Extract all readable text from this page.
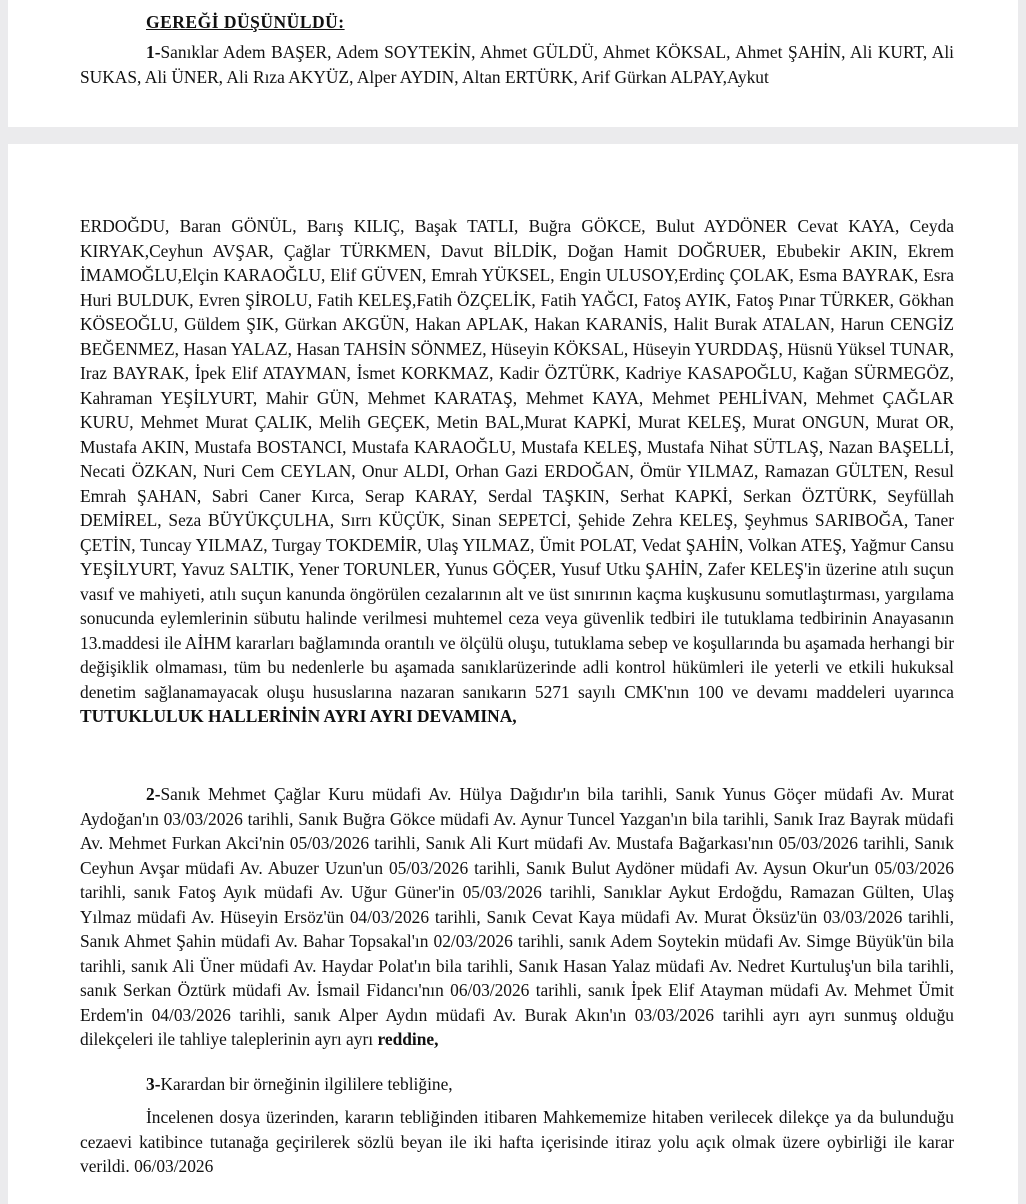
GEREĞİ DÜŞÜNÜLDÜ:

1-Sanıklar Adem BAŞER, Adem SOYTEKİN, Ahmet GÜLDÜ, Ahmet KÖKSAL, Ahmet ŞAHİN, Ali KURT, Ali SUKAS, Ali ÜNER, Ali Rıza AKYÜZ, Alper AYDIN, Altan ERTÜRK, Arif Gürkan ALPAY,Aykut

ERDOĞDU, Baran GÖNÜL, Barış KILIÇ, Başak TATLI, Buğra GÖKCE, Bulut AYDÖNER Cevat KAYA, Ceyda KIRYAK,Ceyhun AVŞAR, Çağlar TÜRKMEN, Davut BİLDİK, Doğan Hamit DOĞRUER, Ebubekir AKIN, Ekrem İMAMOĞLU,Elçin KARAOĞLU, Elif GÜVEN, Emrah YÜKSEL, Engin ULUSOY,Erdinç ÇOLAK, Esma BAYRAK, Esra Huri BULDUK, Evren ŞİROLU, Fatih KELEŞ,Fatih ÖZÇELİK, Fatih YAĞCI, Fatoş AYIK, Fatoş Pınar TÜRKER, Gökhan KÖSEOĞLU, Güldem ŞIK, Gürkan AKGÜN, Hakan APLAK, Hakan KARANİS, Halit Burak ATALAN, Harun CENGİZ BEĞENMEZ, Hasan YALAZ, Hasan TAHSİN SÖNMEZ, Hüseyin KÖKSAL, Hüseyin YURDDAŞ, Hüsnü Yüksel TUNAR, Iraz BAYRAK, İpek Elif ATAYMAN, İsmet KORKMAZ, Kadir ÖZTÜRK, Kadriye KASAPOĞLU, Kağan SÜRMEGÖZ, Kahraman YEŞİLYURT, Mahir GÜN, Mehmet KARATAŞ, Mehmet KAYA, Mehmet PEHLİVAN, Mehmet ÇAĞLAR KURU, Mehmet Murat ÇALIK, Melih GEÇEK, Metin BAL,Murat KAPKİ, Murat KELEŞ, Murat ONGUN, Murat OR, Mustafa AKIN, Mustafa BOSTANCI, Mustafa KARAOĞLU, Mustafa KELEŞ, Mustafa Nihat SÜTLAŞ, Nazan BAŞELLİ, Necati ÖZKAN, Nuri Cem CEYLAN, Onur ALDI, Orhan Gazi ERDOĞAN, Ömür YILMAZ, Ramazan GÜLTEN, Resul Emrah ŞAHAN, Sabri Caner Kırca, Serap KARAY, Serdal TAŞKIN, Serhat KAPKİ, Serkan ÖZTÜRK, Seyfüllah DEMİREL, Seza BÜYÜKÇULHA, Sırrı KÜÇÜK, Sinan SEPETCİ, Şehide Zehra KELEŞ, Şeyhmus SARIBOĞA, Taner ÇETİN, Tuncay YILMAZ, Turgay TOKDEMİR, Ulaş YILMAZ, Ümit POLAT, Vedat ŞAHİN, Volkan ATEŞ, Yağmur Cansu YEŞİLYURT, Yavuz SALTIK, Yener TORUNLER, Yunus GÖÇER, Yusuf Utku ŞAHİN, Zafer KELEŞ'in üzerine atılı suçun vasıf ve mahiyeti, atılı suçun kanunda öngörülen cezalarının alt ve üst sınırının kaçma kuşkusunu somutlaştırması, yargılama sonucunda eylemlerinin sübutu halinde verilmesi muhtemel ceza veya güvenlik tedbiri ile tutuklama tedbirinin Anayasanın 13.maddesi ile AİHM kararları bağlamında orantılı ve ölçülü oluşu, tutuklama sebep ve koşullarında bu aşamada herhangi bir değişiklik olmaması, tüm bu nedenlerle bu aşamada sanıklarüzerinde adli kontrol hükümleri ile yeterli ve etkili hukuksal denetim sağlanamayacak oluşu hususlarına nazaran sanıkarın 5271 sayılı CMK'nın 100 ve devamı maddeleri uyarınca TUTUKLULUK HALLERİNİN AYRI AYRI DEVAMINA,

2-Sanık Mehmet Çağlar Kuru müdafi Av. Hülya Dağıdır'ın bila tarihli, Sanık Yunus Göçer müdafi Av. Murat Aydoğan'ın 03/03/2026 tarihli, Sanık Buğra Gökce müdafi Av. Aynur Tuncel Yazgan'ın bila tarihli, Sanık Iraz Bayrak müdafi Av. Mehmet Furkan Akci'nin 05/03/2026 tarihli, Sanık Ali Kurt müdafi Av. Mustafa Bağarkası'nın 05/03/2026 tarihli, Sanık Ceyhun Avşar müdafi Av. Abuzer Uzun'un 05/03/2026 tarihli, Sanık Bulut Aydöner müdafi Av. Aysun Okur'un 05/03/2026 tarihli, sanık Fatoş Ayık müdafi Av. Uğur Güner'in 05/03/2026 tarihli, Sanıklar Aykut Erdoğdu, Ramazan Gülten, Ulaş Yılmaz müdafi Av. Hüseyin Ersöz'ün 04/03/2026 tarihli, Sanık Cevat Kaya müdafi Av. Murat Öksüz'ün 03/03/2026 tarihli, Sanık Ahmet Şahin müdafi Av. Bahar Topsakal'ın 02/03/2026 tarihli, sanık Adem Soytekin müdafi Av. Simge Büyük'ün bila tarihli, sanık Ali Üner müdafi Av. Haydar Polat'ın bila tarihli, Sanık Hasan Yalaz müdafi Av. Nedret Kurtuluş'un bila tarihli, sanık Serkan Öztürk müdafi Av. İsmail Fidancı'nın 06/03/2026 tarihli, sanık İpek Elif Atayman müdafi Av. Mehmet Ümit Erdem'in 04/03/2026 tarihli, sanık Alper Aydın müdafi Av. Burak Akın'ın 03/03/2026 tarihli ayrı ayrı sunmuş olduğu dilekçeleri ile tahliye taleplerinin ayrı ayrı reddine,

3-Karardan bir örneğinin ilgililere tebliğine,

İncelenen dosya üzerinden, kararın tebliğinden itibaren Mahkememize hitaben verilecek dilekçe ya da bulunduğu cezaevi katibince tutanağa geçirilerek sözlü beyan ile iki hafta içerisinde itiraz yolu açık olmak üzere oybirliği ile karar verildi. 06/03/2026
